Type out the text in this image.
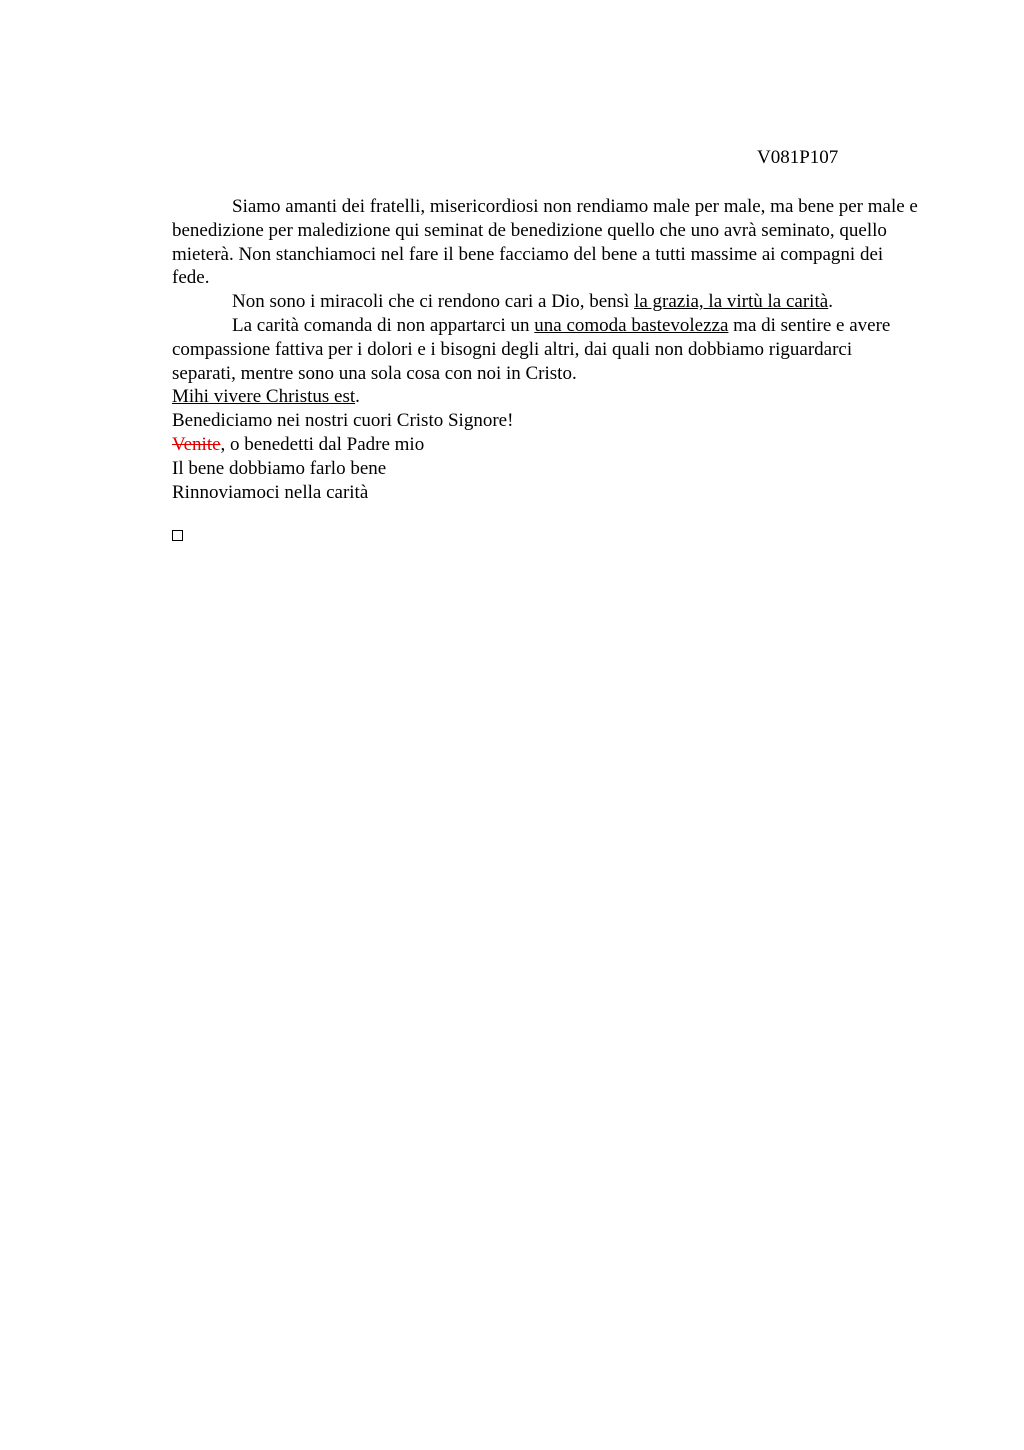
V081P107

Siamo amanti dei fratelli, misericordiosi non rendiamo male per male, ma bene per male e benedizione per maledizione qui seminat de benedizione quello che uno avrà seminato, quello mieterà. Non stanchiamoci nel fare il bene facciamo del bene a tutti massime ai compagni dei fede.

Non sono i miracoli che ci rendono cari a Dio, bensì la grazia, la virtù la carità.

La carità comanda di non appartarci un una comoda bastevolezza ma di sentire e avere compassione fattiva per i dolori e i bisogni degli altri, dai quali non dobbiamo riguardarci separati, mentre sono una sola cosa con noi in Cristo.

Mihi vivere Christus est.

Benediciamo nei nostri cuori Cristo Signore!

Venite, o benedetti dal Padre mio

Il bene dobbiamo farlo bene

Rinnoviamoci nella carità
